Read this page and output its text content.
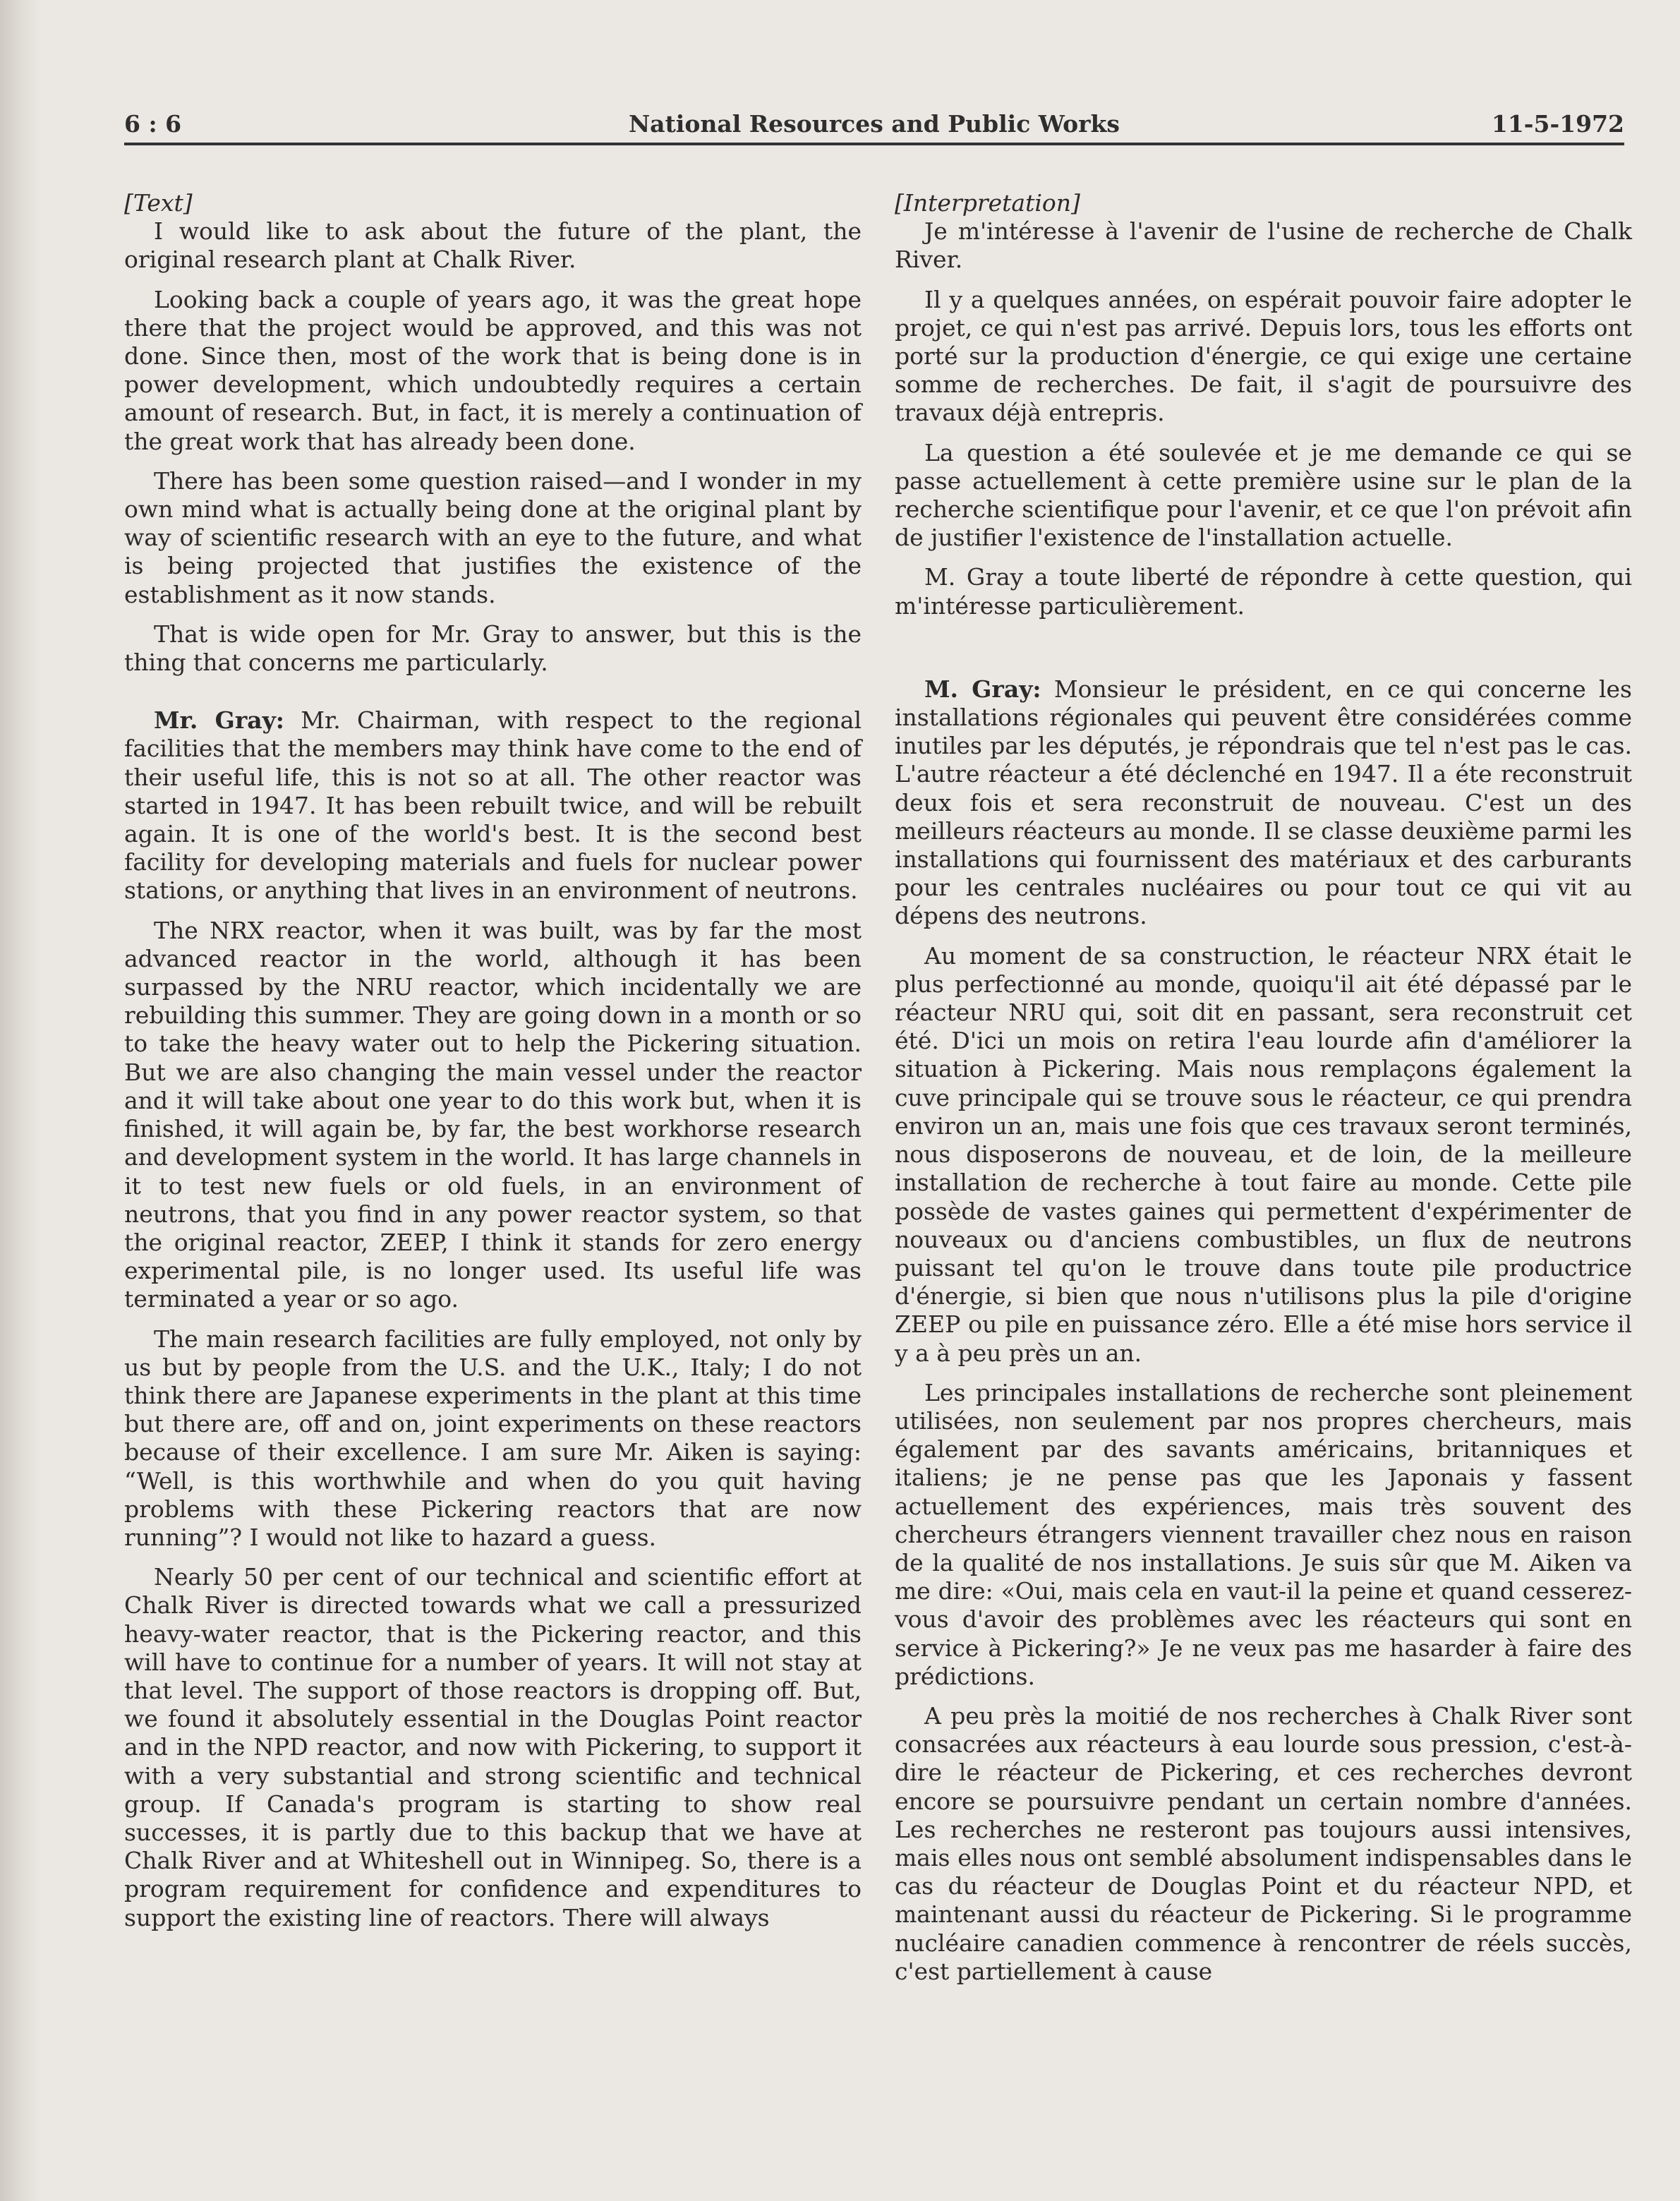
6 : 6	National Resources and Public Works	11-5-1972

[Text]

I would like to ask about the future of the plant, the original research plant at Chalk River.

Looking back a couple of years ago, it was the great hope there that the project would be approved, and this was not done. Since then, most of the work that is being done is in power development, which undoubtedly requires a certain amount of research. But, in fact, it is merely a continuation of the great work that has already been done.

There has been some question raised—and I wonder in my own mind what is actually being done at the original plant by way of scientific research with an eye to the future, and what is being projected that justifies the existence of the establishment as it now stands.

That is wide open for Mr. Gray to answer, but this is the thing that concerns me particularly.

Mr. Gray: Mr. Chairman, with respect to the regional facilities that the members may think have come to the end of their useful life, this is not so at all. The other reactor was started in 1947. It has been rebuilt twice, and will be rebuilt again. It is one of the world's best. It is the second best facility for developing materials and fuels for nuclear power stations, or anything that lives in an environment of neutrons.

The NRX reactor, when it was built, was by far the most advanced reactor in the world, although it has been surpassed by the NRU reactor, which incidentally we are rebuilding this summer. They are going down in a month or so to take the heavy water out to help the Pickering situation. But we are also changing the main vessel under the reactor and it will take about one year to do this work but, when it is finished, it will again be, by far, the best workhorse research and development system in the world. It has large channels in it to test new fuels or old fuels, in an environment of neutrons, that you find in any power reactor system, so that the original reactor, ZEEP, I think it stands for zero energy experimental pile, is no longer used. Its useful life was terminated a year or so ago.

The main research facilities are fully employed, not only by us but by people from the U.S. and the U.K., Italy; I do not think there are Japanese experiments in the plant at this time but there are, off and on, joint experiments on these reactors because of their excellence. I am sure Mr. Aiken is saying: “Well, is this worthwhile and when do you quit having problems with these Pickering reactors that are now running”? I would not like to hazard a guess.

Nearly 50 per cent of our technical and scientific effort at Chalk River is directed towards what we call a pressurized heavy-water reactor, that is the Pickering reactor, and this will have to continue for a number of years. It will not stay at that level. The support of those reactors is dropping off. But, we found it absolutely essential in the Douglas Point reactor and in the NPD reactor, and now with Pickering, to support it with a very substantial and strong scientific and technical group. If Canada's program is starting to show real successes, it is partly due to this backup that we have at Chalk River and at Whiteshell out in Winnipeg. So, there is a program requirement for confidence and expenditures to support the existing line of reactors. There will always

[Interpretation]

Je m'intéresse à l'avenir de l'usine de recherche de Chalk River.

Il y a quelques années, on espérait pouvoir faire adopter le projet, ce qui n'est pas arrivé. Depuis lors, tous les efforts ont porté sur la production d'énergie, ce qui exige une certaine somme de recherches. De fait, il s'agit de poursuivre des travaux déjà entrepris.

La question a été soulevée et je me demande ce qui se passe actuellement à cette première usine sur le plan de la recherche scientifique pour l'avenir, et ce que l'on prévoit afin de justifier l'existence de l'installation actuelle.

M. Gray a toute liberté de répondre à cette question, qui m'intéresse particulièrement.

M. Gray: Monsieur le président, en ce qui concerne les installations régionales qui peuvent être considérées comme inutiles par les députés, je répondrais que tel n'est pas le cas. L'autre réacteur a été déclenché en 1947. Il a éte reconstruit deux fois et sera reconstruit de nouveau. C'est un des meilleurs réacteurs au monde. Il se classe deuxième parmi les installations qui fournissent des matériaux et des carburants pour les centrales nucléaires ou pour tout ce qui vit au dépens des neutrons.

Au moment de sa construction, le réacteur NRX était le plus perfectionné au monde, quoiqu'il ait été dépassé par le réacteur NRU qui, soit dit en passant, sera reconstruit cet été. D'ici un mois on retira l'eau lourde afin d'améliorer la situation à Pickering. Mais nous remplaçons également la cuve principale qui se trouve sous le réacteur, ce qui prendra environ un an, mais une fois que ces travaux seront terminés, nous disposerons de nouveau, et de loin, de la meilleure installation de recherche à tout faire au monde. Cette pile possède de vastes gaines qui permettent d'expérimenter de nouveaux ou d'anciens combustibles, un flux de neutrons puissant tel qu'on le trouve dans toute pile productrice d'énergie, si bien que nous n'utilisons plus la pile d'origine ZEEP ou pile en puissance zéro. Elle a été mise hors service il y a à peu près un an.

Les principales installations de recherche sont pleinement utilisées, non seulement par nos propres chercheurs, mais également par des savants américains, britanniques et italiens; je ne pense pas que les Japonais y fassent actuellement des expériences, mais très souvent des chercheurs étrangers viennent travailler chez nous en raison de la qualité de nos installations. Je suis sûr que M. Aiken va me dire: «Oui, mais cela en vaut-il la peine et quand cesserez-vous d'avoir des problèmes avec les réacteurs qui sont en service à Pickering?» Je ne veux pas me hasarder à faire des prédictions.

A peu près la moitié de nos recherches à Chalk River sont consacrées aux réacteurs à eau lourde sous pression, c'est-à-dire le réacteur de Pickering, et ces recherches devront encore se poursuivre pendant un certain nombre d'années. Les recherches ne resteront pas toujours aussi intensives, mais elles nous ont semblé absolument indispensables dans le cas du réacteur de Douglas Point et du réacteur NPD, et maintenant aussi du réacteur de Pickering. Si le programme nucléaire canadien commence à rencontrer de réels succès, c'est partiellement à cause
